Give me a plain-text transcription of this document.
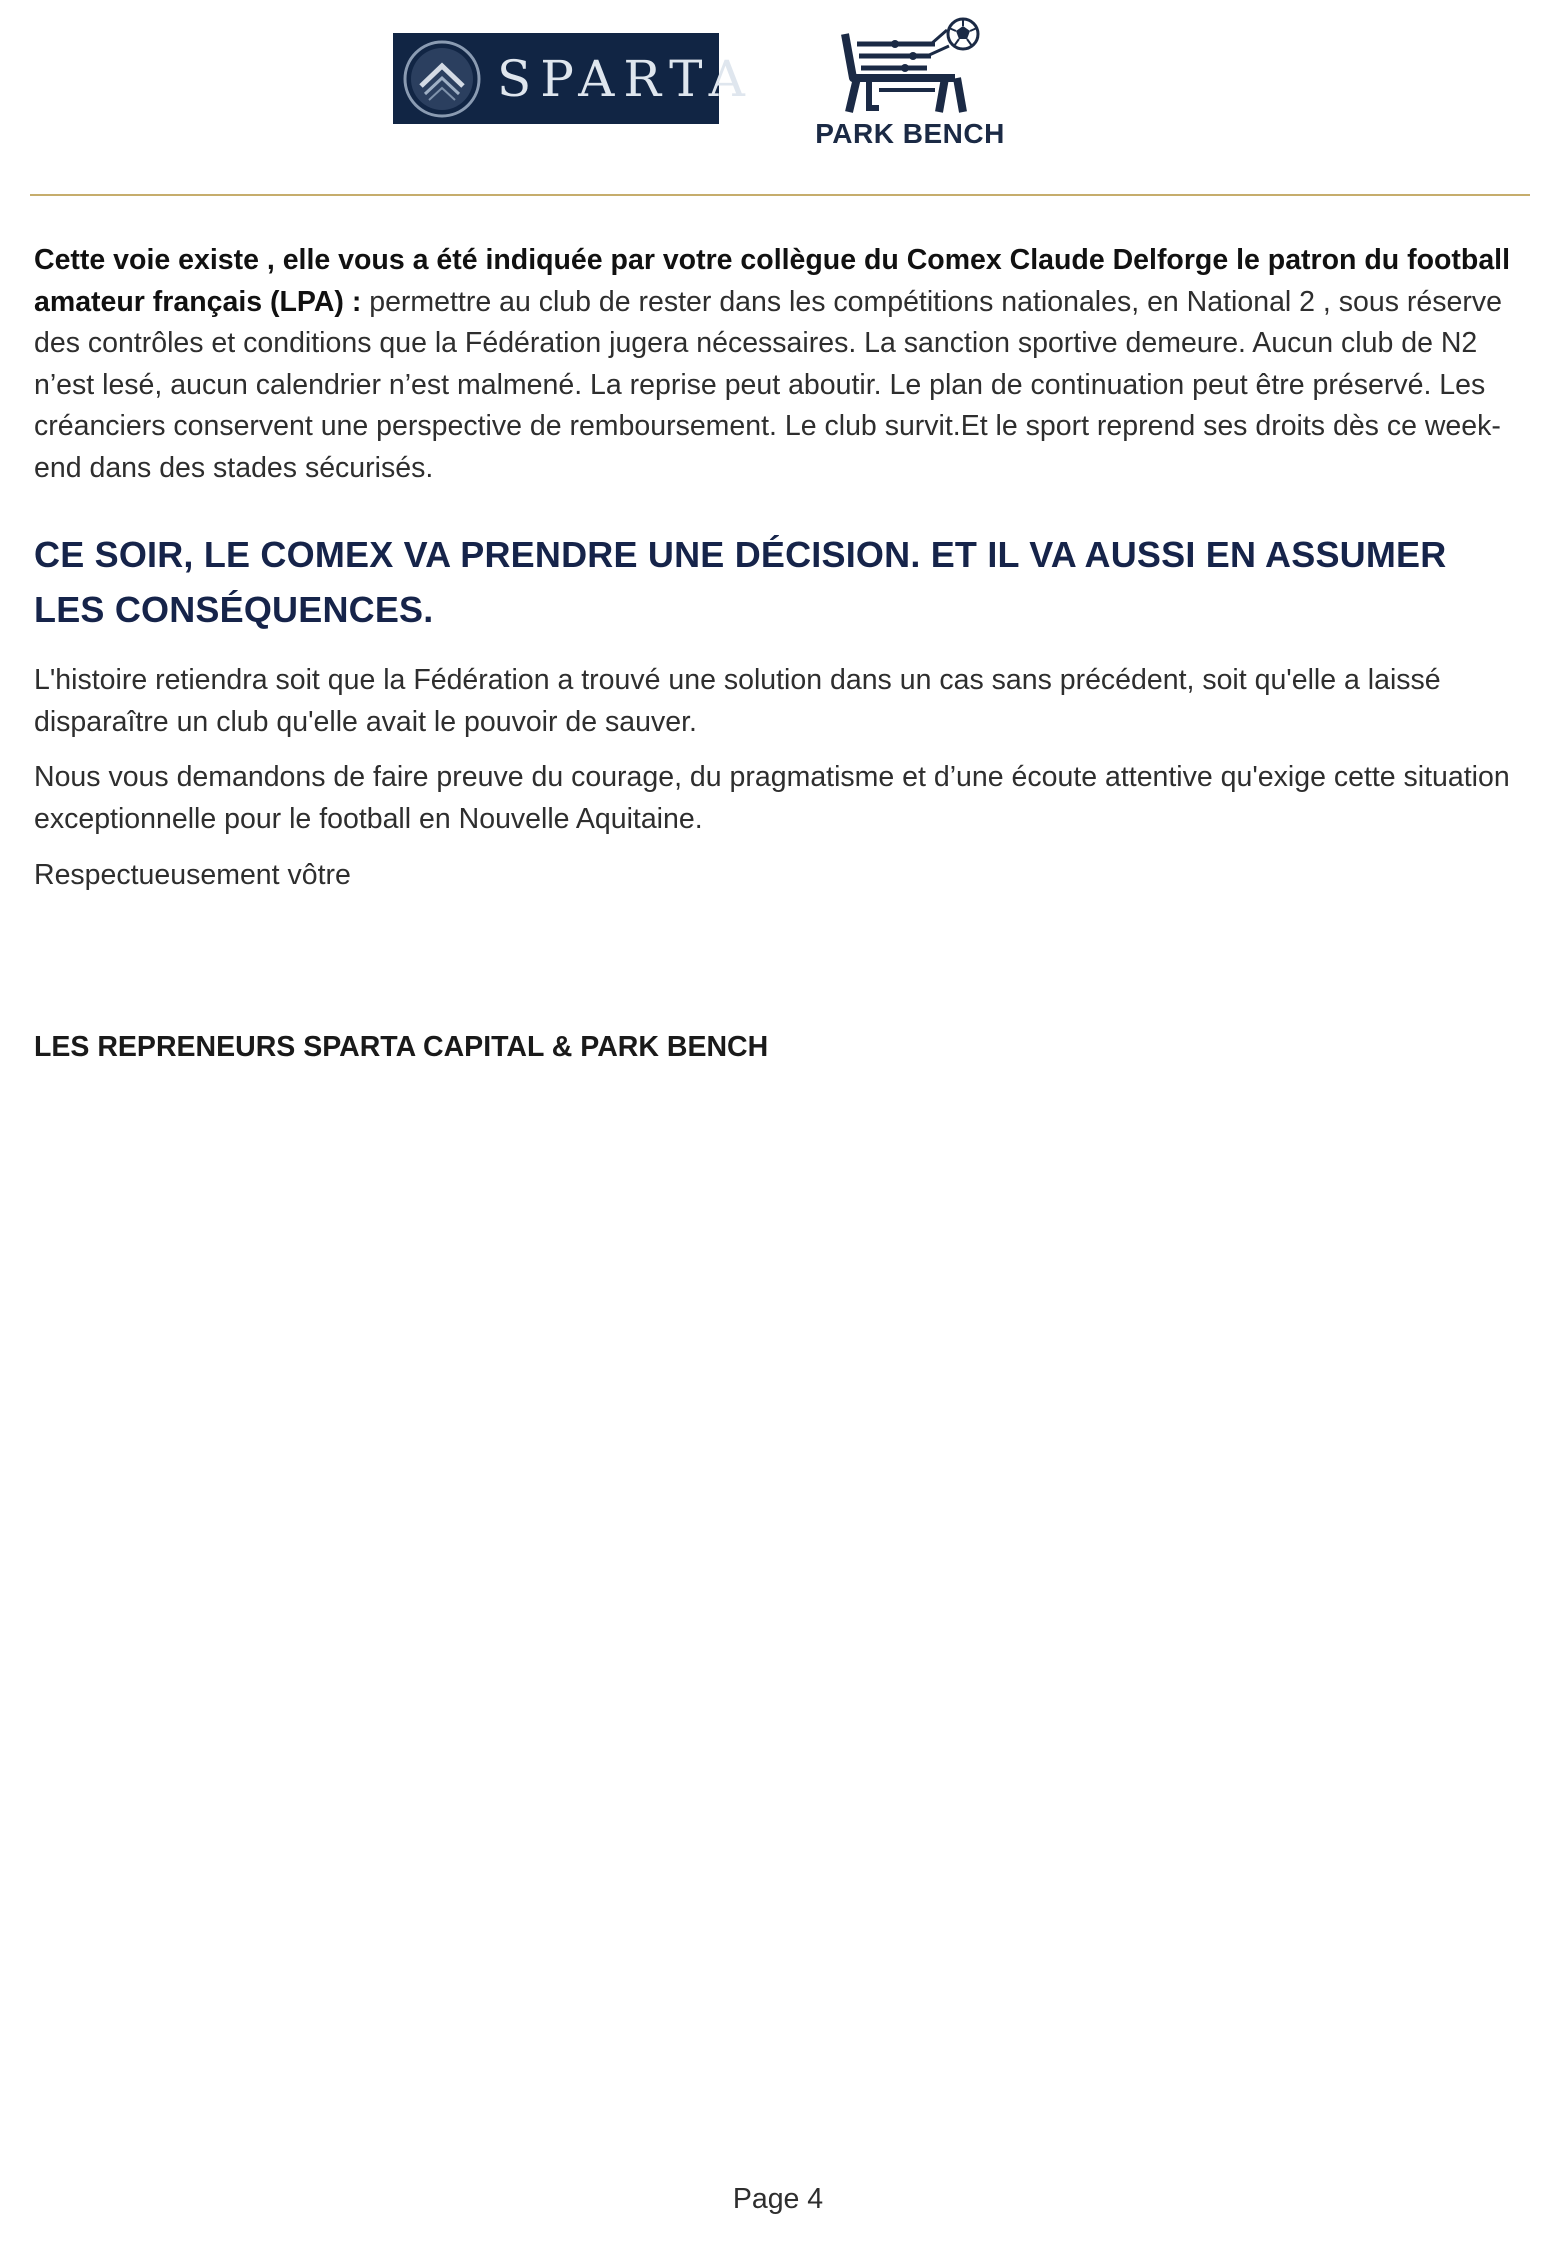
SPARTA
PARK BENCH

Cette voie existe , elle vous a été indiquée par votre collègue du Comex Claude Delforge le patron du football amateur français (LPA) : permettre au club de rester dans les compétitions nationales, en National 2 , sous réserve des contrôles et conditions que la Fédération jugera nécessaires. La sanction sportive demeure. Aucun club de N2 n’est lesé, aucun calendrier n’est malmené. La reprise peut aboutir. Le plan de continuation peut être préservé. Les créanciers conservent une perspective de remboursement. Le club survit.Et le sport reprend ses droits dès ce week-end dans des stades sécurisés.

CE SOIR, LE COMEX VA PRENDRE UNE DÉCISION. ET IL VA AUSSI EN ASSUMER LES CONSÉQUENCES.

L'histoire retiendra soit que la Fédération a trouvé une solution dans un cas sans précédent, soit qu'elle a laissé disparaître un club qu'elle avait le pouvoir de sauver.

Nous vous demandons de faire preuve du courage, du pragmatisme et d’une écoute attentive qu'exige cette situation exceptionnelle pour le football en Nouvelle Aquitaine.

Respectueusement vôtre

LES REPRENEURS SPARTA CAPITAL & PARK BENCH
Page 4
